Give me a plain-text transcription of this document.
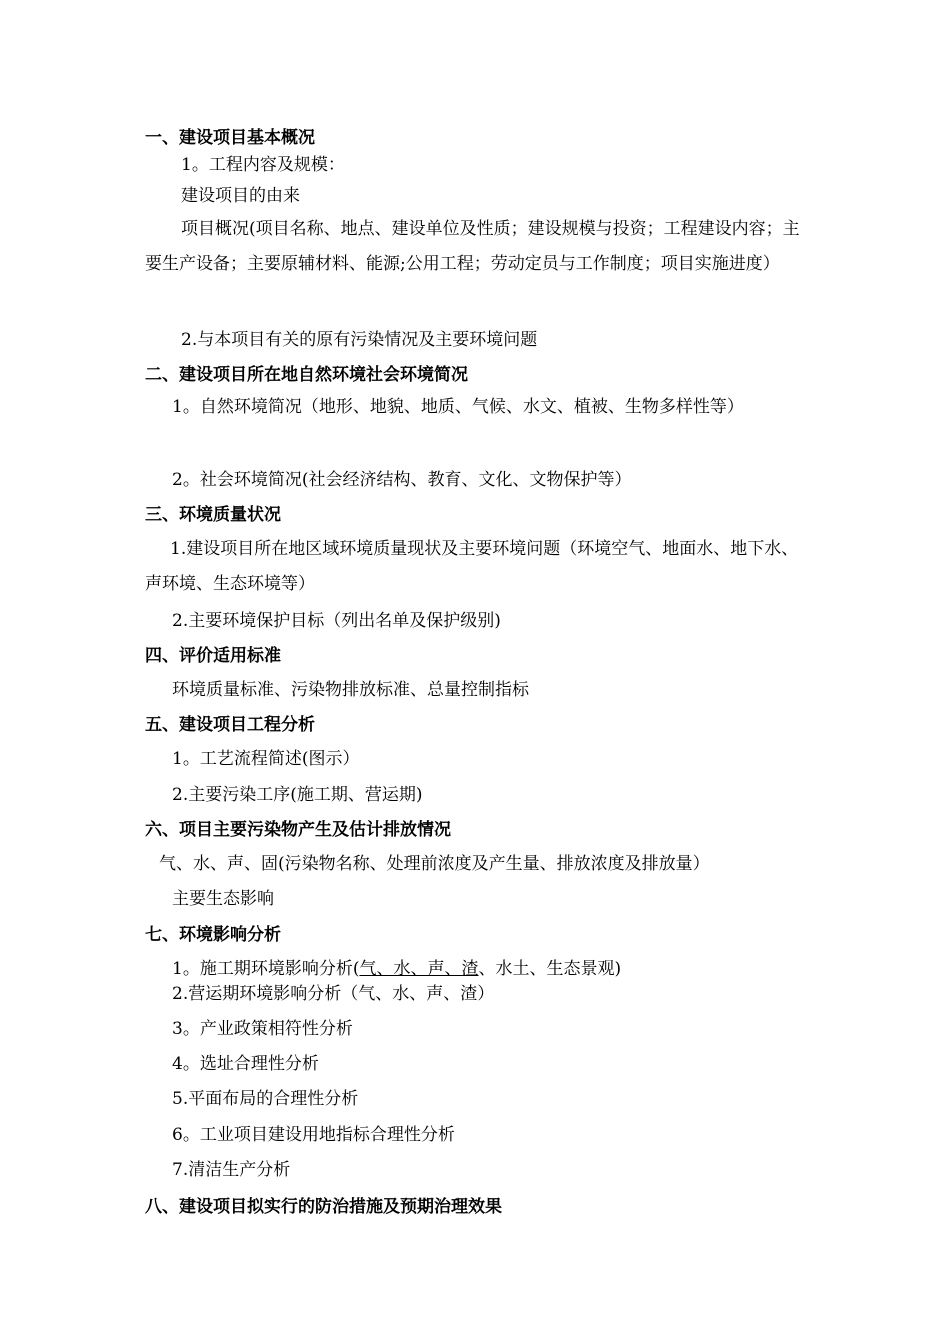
一、建设项目基本概况
1。工程内容及规模：
建设项目的由来
项目概况(项目名称、地点、建设单位及性质；建设规模与投资；工程建设内容；主要生产设备；主要原辅材料、能源;公用工程；劳动定员与工作制度；项目实施进度）
2.与本项目有关的原有污染情况及主要环境问题
二、建设项目所在地自然环境社会环境简况
1。自然环境简况（地形、地貌、地质、气候、水文、植被、生物多样性等）
2。社会环境简况(社会经济结构、教育、文化、文物保护等）
三、环境质量状况
1.建设项目所在地区域环境质量现状及主要环境问题（环境空气、地面水、地下水、声环境、生态环境等）
2.主要环境保护目标（列出名单及保护级别)
四、评价适用标准
环境质量标准、污染物排放标准、总量控制指标
五、建设项目工程分析
1。工艺流程简述(图示）
2.主要污染工序(施工期、营运期)
六、项目主要污染物产生及估计排放情况
气、水、声、固(污染物名称、处理前浓度及产生量、排放浓度及排放量）
主要生态影响
七、环境影响分析
1。施工期环境影响分析(气、水、声、渣、水土、生态景观)
2.营运期环境影响分析（气、水、声、渣）
3。产业政策相符性分析
4。选址合理性分析
5.平面布局的合理性分析
6。工业项目建设用地指标合理性分析
7.清洁生产分析
八、建设项目拟实行的防治措施及预期治理效果
